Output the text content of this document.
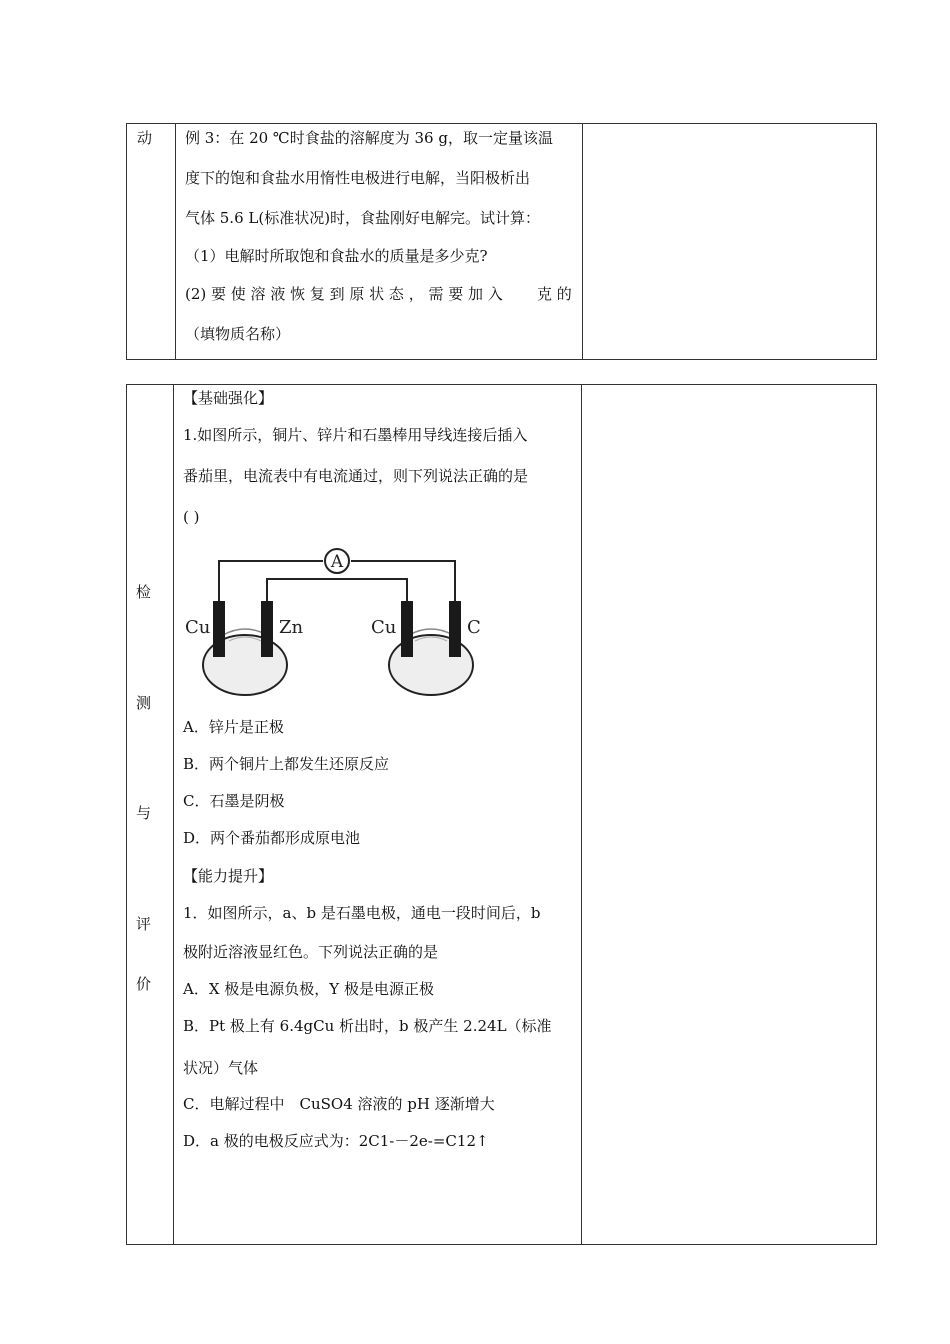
动 例 3：在 20 ℃时食盐的溶解度为 36 g，取一定量该温
度下的饱和食盐水用惰性电极进行电解，当阳极析出
气体 5.6 L(标准状况)时，食盐刚好电解完。试计算：
（1）电解时所取饱和食盐水的质量是多少克?
(2) 要 使 溶 液 恢 复 到 原 状 态 ， 需 要 加 入 克 的
（填物质名称）
检
测
与
评
价
【基础强化】
1.如图所示，铜片、锌片和石墨棒用导线连接后插入
番茄里，电流表中有电流通过，则下列说法正确的是
( )
A
Cu	Zn	Cu	C
A．锌片是正极
B．两个铜片上都发生还原反应
C．石墨是阴极
D．两个番茄都形成原电池
【能力提升】
1．如图所示，a、b 是石墨电极，通电一段时间后，b
极附近溶液显红色。下列说法正确的是
A．X 极是电源负极，Y 极是电源正极
B．Pt 极上有 6.4gCu 析出时，b 极产生 2.24L（标准
状况）气体
C．电解过程中　CuSO4 溶液的 pH 逐渐增大
D．a 极的电极反应式为：2C1-－2e-=C12↑
